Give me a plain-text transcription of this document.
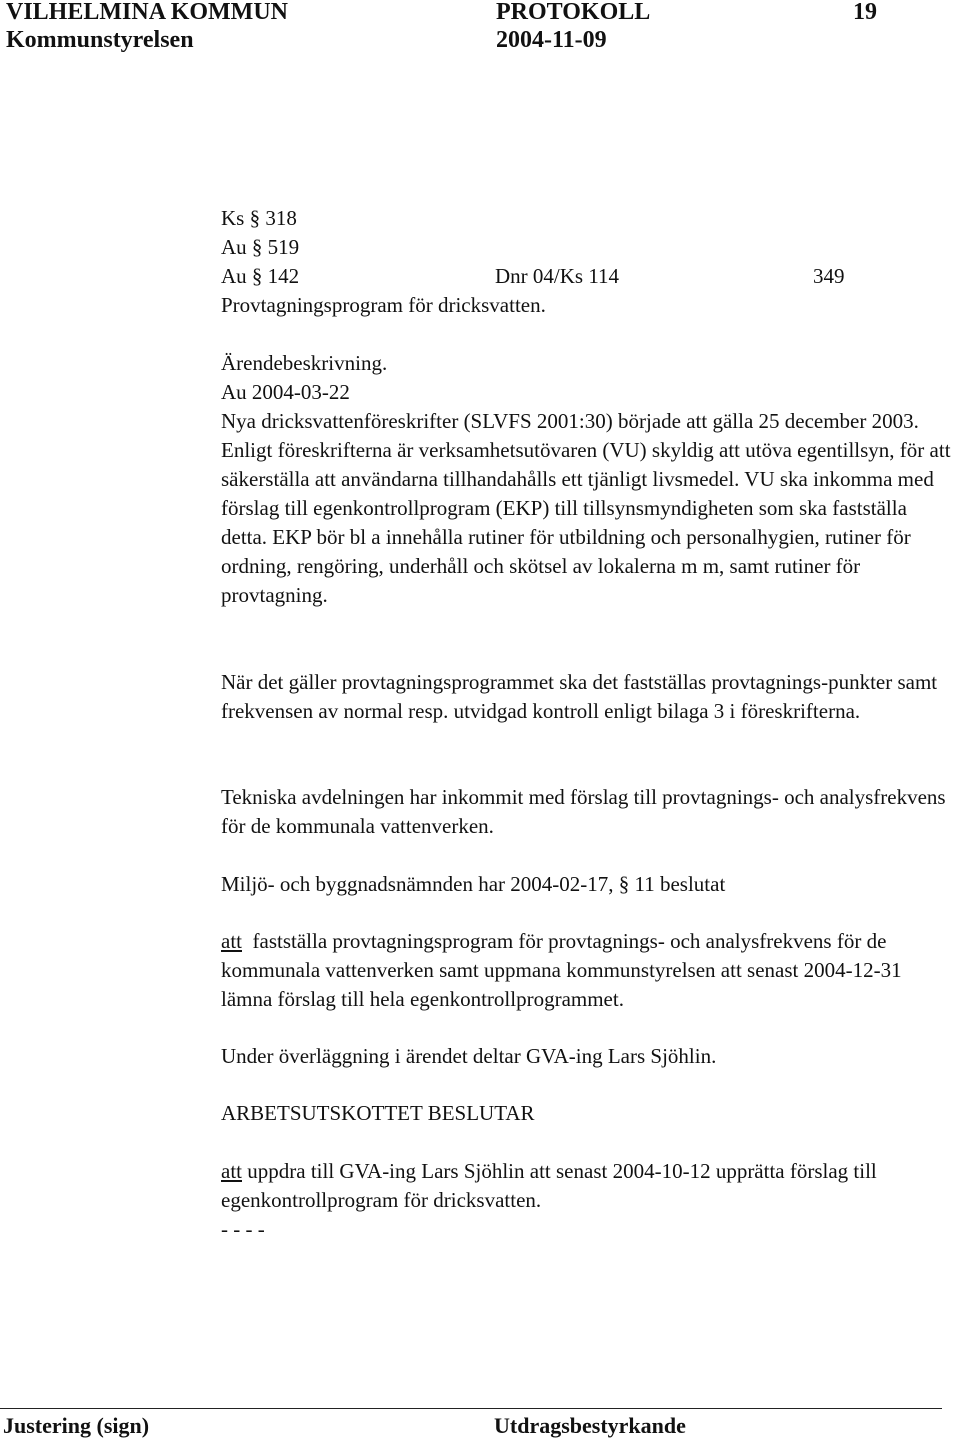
VILHELMINA KOMMUN	PROTOKOLL	19
Kommunstyrelsen	2004-11-09
Ks § 318
Au § 519
Au § 142	Dnr 04/Ks 114	349
Provtagningsprogram för dricksvatten.
Ärendebeskrivning.
Au 2004-03-22

Nya dricksvattenföreskrifter (SLVFS 2001:30) började att gälla 25 december 2003. Enligt föreskrifterna är verksamhetsutövaren (VU) skyldig att utöva egentillsyn, för att säkerställa att användarna tillhandahålls ett tjänligt livsmedel. VU ska inkomma med förslag till egenkontrollprogram (EKP) till tillsynsmyndigheten som ska fastställa detta. EKP bör bl a innehålla rutiner för utbildning och personalhygien, rutiner för ordning, rengöring, underhåll och skötsel av lokalerna m m, samt rutiner för provtagning.

När det gäller provtagningsprogrammet ska det fastställas provtagnings-punkter samt frekvensen av normal resp. utvidgad kontroll enligt bilaga 3 i föreskrifterna.

Tekniska avdelningen har inkommit med förslag till provtagnings- och analysfrekvens för de kommunala vattenverken.

Miljö- och byggnadsnämnden har 2004-02-17, § 11 beslutat

att fastställa provtagningsprogram för provtagnings- och analysfrekvens för de kommunala vattenverken samt uppmana kommunstyrelsen att senast 2004-12-31 lämna förslag till hela egenkontrollprogrammet.

Under överläggning i ärendet deltar GVA-ing Lars Sjöhlin.

ARBETSUTSKOTTET BESLUTAR

att uppdra till GVA-ing Lars Sjöhlin att senast 2004-10-12 upprätta förslag till egenkontrollprogram för dricksvatten.

- - - -
Justering (sign)	Utdragsbestyrkande
